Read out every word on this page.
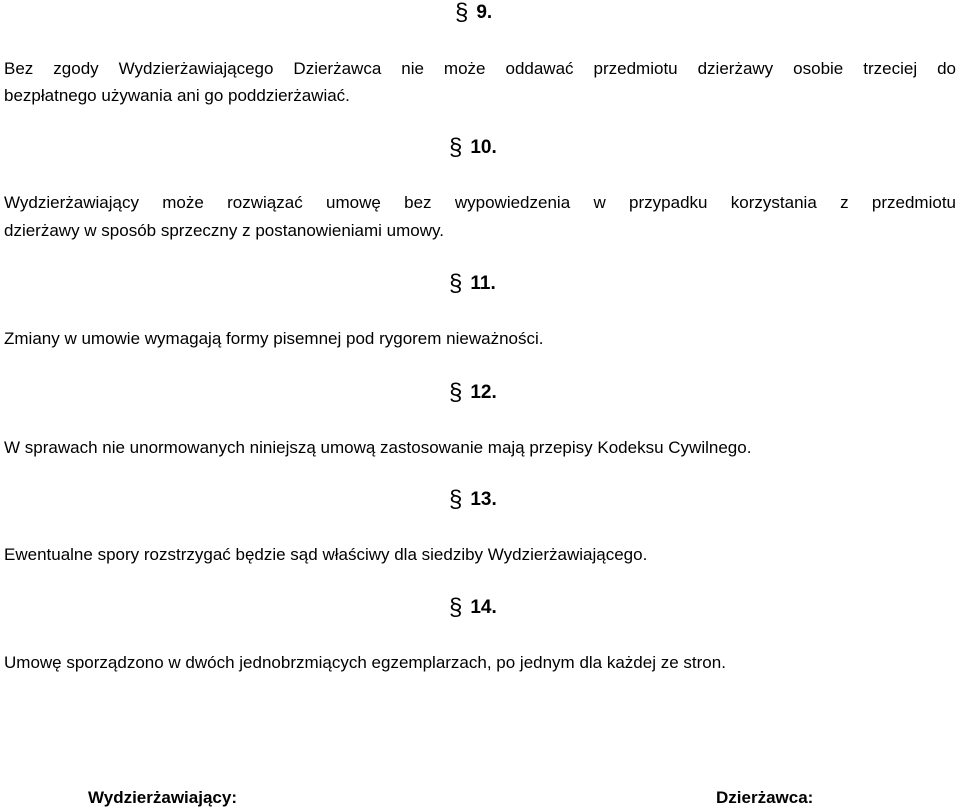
§ 9.
Bez zgody Wydzierżawiającego Dzierżawca nie może oddawać przedmiotu dzierżawy osobie trzeciej do
bezpłatnego używania ani go poddzierżawiać.
§ 10.
Wydzierżawiający może rozwiązać umowę bez wypowiedzenia w przypadku korzystania z przedmiotu
dzierżawy w sposób sprzeczny z postanowieniami umowy.
§ 11.
Zmiany w umowie wymagają formy pisemnej pod rygorem nieważności.
§ 12.
W sprawach nie unormowanych niniejszą umową zastosowanie mają przepisy Kodeksu Cywilnego.
§ 13.
Ewentualne spory rozstrzygać będzie sąd właściwy dla siedziby Wydzierżawiającego.
§ 14.
Umowę sporządzono w dwóch jednobrzmiących egzemplarzach, po jednym dla każdej ze stron.
Wydzierżawiający:	Dzierżawca:
